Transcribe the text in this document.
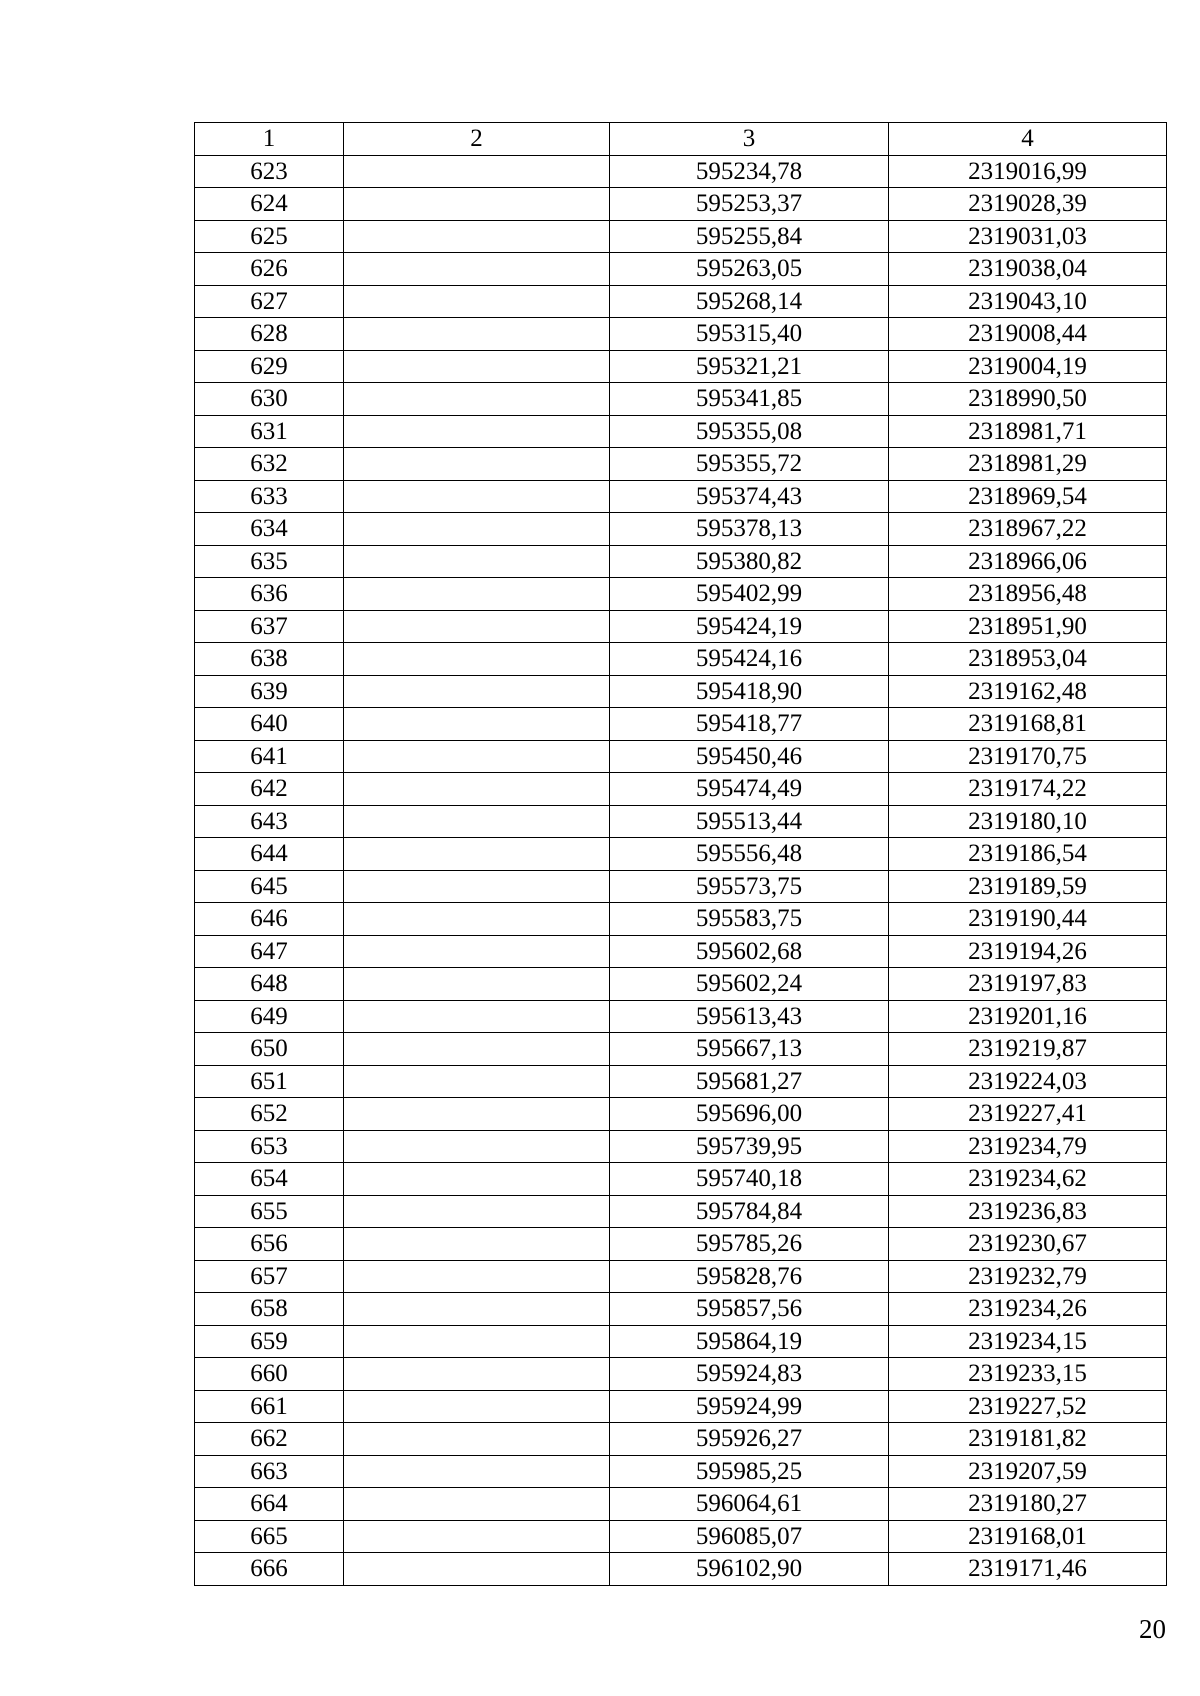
1	2	3	4
623		595234,78	2319016,99
624		595253,37	2319028,39
625		595255,84	2319031,03
626		595263,05	2319038,04
627		595268,14	2319043,10
628		595315,40	2319008,44
629		595321,21	2319004,19
630		595341,85	2318990,50
631		595355,08	2318981,71
632		595355,72	2318981,29
633		595374,43	2318969,54
634		595378,13	2318967,22
635		595380,82	2318966,06
636		595402,99	2318956,48
637		595424,19	2318951,90
638		595424,16	2318953,04
639		595418,90	2319162,48
640		595418,77	2319168,81
641		595450,46	2319170,75
642		595474,49	2319174,22
643		595513,44	2319180,10
644		595556,48	2319186,54
645		595573,75	2319189,59
646		595583,75	2319190,44
647		595602,68	2319194,26
648		595602,24	2319197,83
649		595613,43	2319201,16
650		595667,13	2319219,87
651		595681,27	2319224,03
652		595696,00	2319227,41
653		595739,95	2319234,79
654		595740,18	2319234,62
655		595784,84	2319236,83
656		595785,26	2319230,67
657		595828,76	2319232,79
658		595857,56	2319234,26
659		595864,19	2319234,15
660		595924,83	2319233,15
661		595924,99	2319227,52
662		595926,27	2319181,82
663		595985,25	2319207,59
664		596064,61	2319180,27
665		596085,07	2319168,01
666		596102,90	2319171,46
20
